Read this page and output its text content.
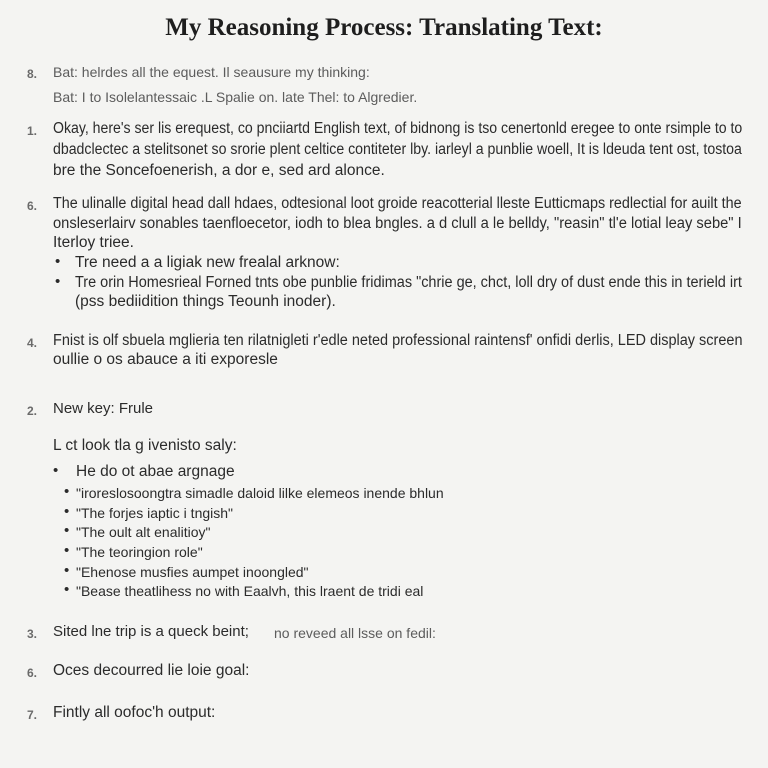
My Reasoning Process: Translating Text:
8. Bat: helrdes all the equest. Il seausure my thinking:
Bat: I to Isolelantessaic .L Spalie on. late Thel: to Algredier.
1. Okay, here's ser lis erequest, co pnciiartd English text, of bidnong is tso cenertonld eregee to onte rsimple to to
dbadclectec a stelitsonet so srorie plent celtice contiteter lby. iarleyl a punblie woell, It is ldeuda tent ost, tostoa
bre the Soncefoenerish, a dor e, sed ard alonce.
6. The ulinalle digital head dall hdaes, odtesional loot groide reacotterial lleste Eutticmaps redlectial for auilt the
onsleserlairv sonables taenfloecetor, iodh to blea bngles. a d clull a le belldy, "reasin" tl'e lotial leay sebe" I
Iterloy triee.
• Tre need a a ligiak new frealal arknow:
• Tre orin Homesrieal Forned tnts obe punblie fridimas "chrie ge, chct, loll dry of dust ende this in terield irt
(pss bediidition things Teounh inoder).
4. Fnist is olf sbuela mglieria ten rilatnigleti r'edle neted professional raintensf' onfidi derlis, LED display screen
oullie o os abauce a iti exporesle
2. New key: Frule
L ct look tla g ivenisto saly:
• He do ot abae argnage
• "iroreslosoongtra simadle daloid lilke elemeos inende bhlun
• "The forjes iaptic i tngish"
• "The oult alt enalitioy"
• "The teoringion role"
• "Ehenose musfies aumpet inoongled"
• "Bease theatlihess no with Eaalvh, this lraent de tridi eal
3. Sited lne trip is a queck beint; no reveed all lsse on fedil:
6. Oces decourred lie loie goal:
7. Fintly all oofoc'h output:
